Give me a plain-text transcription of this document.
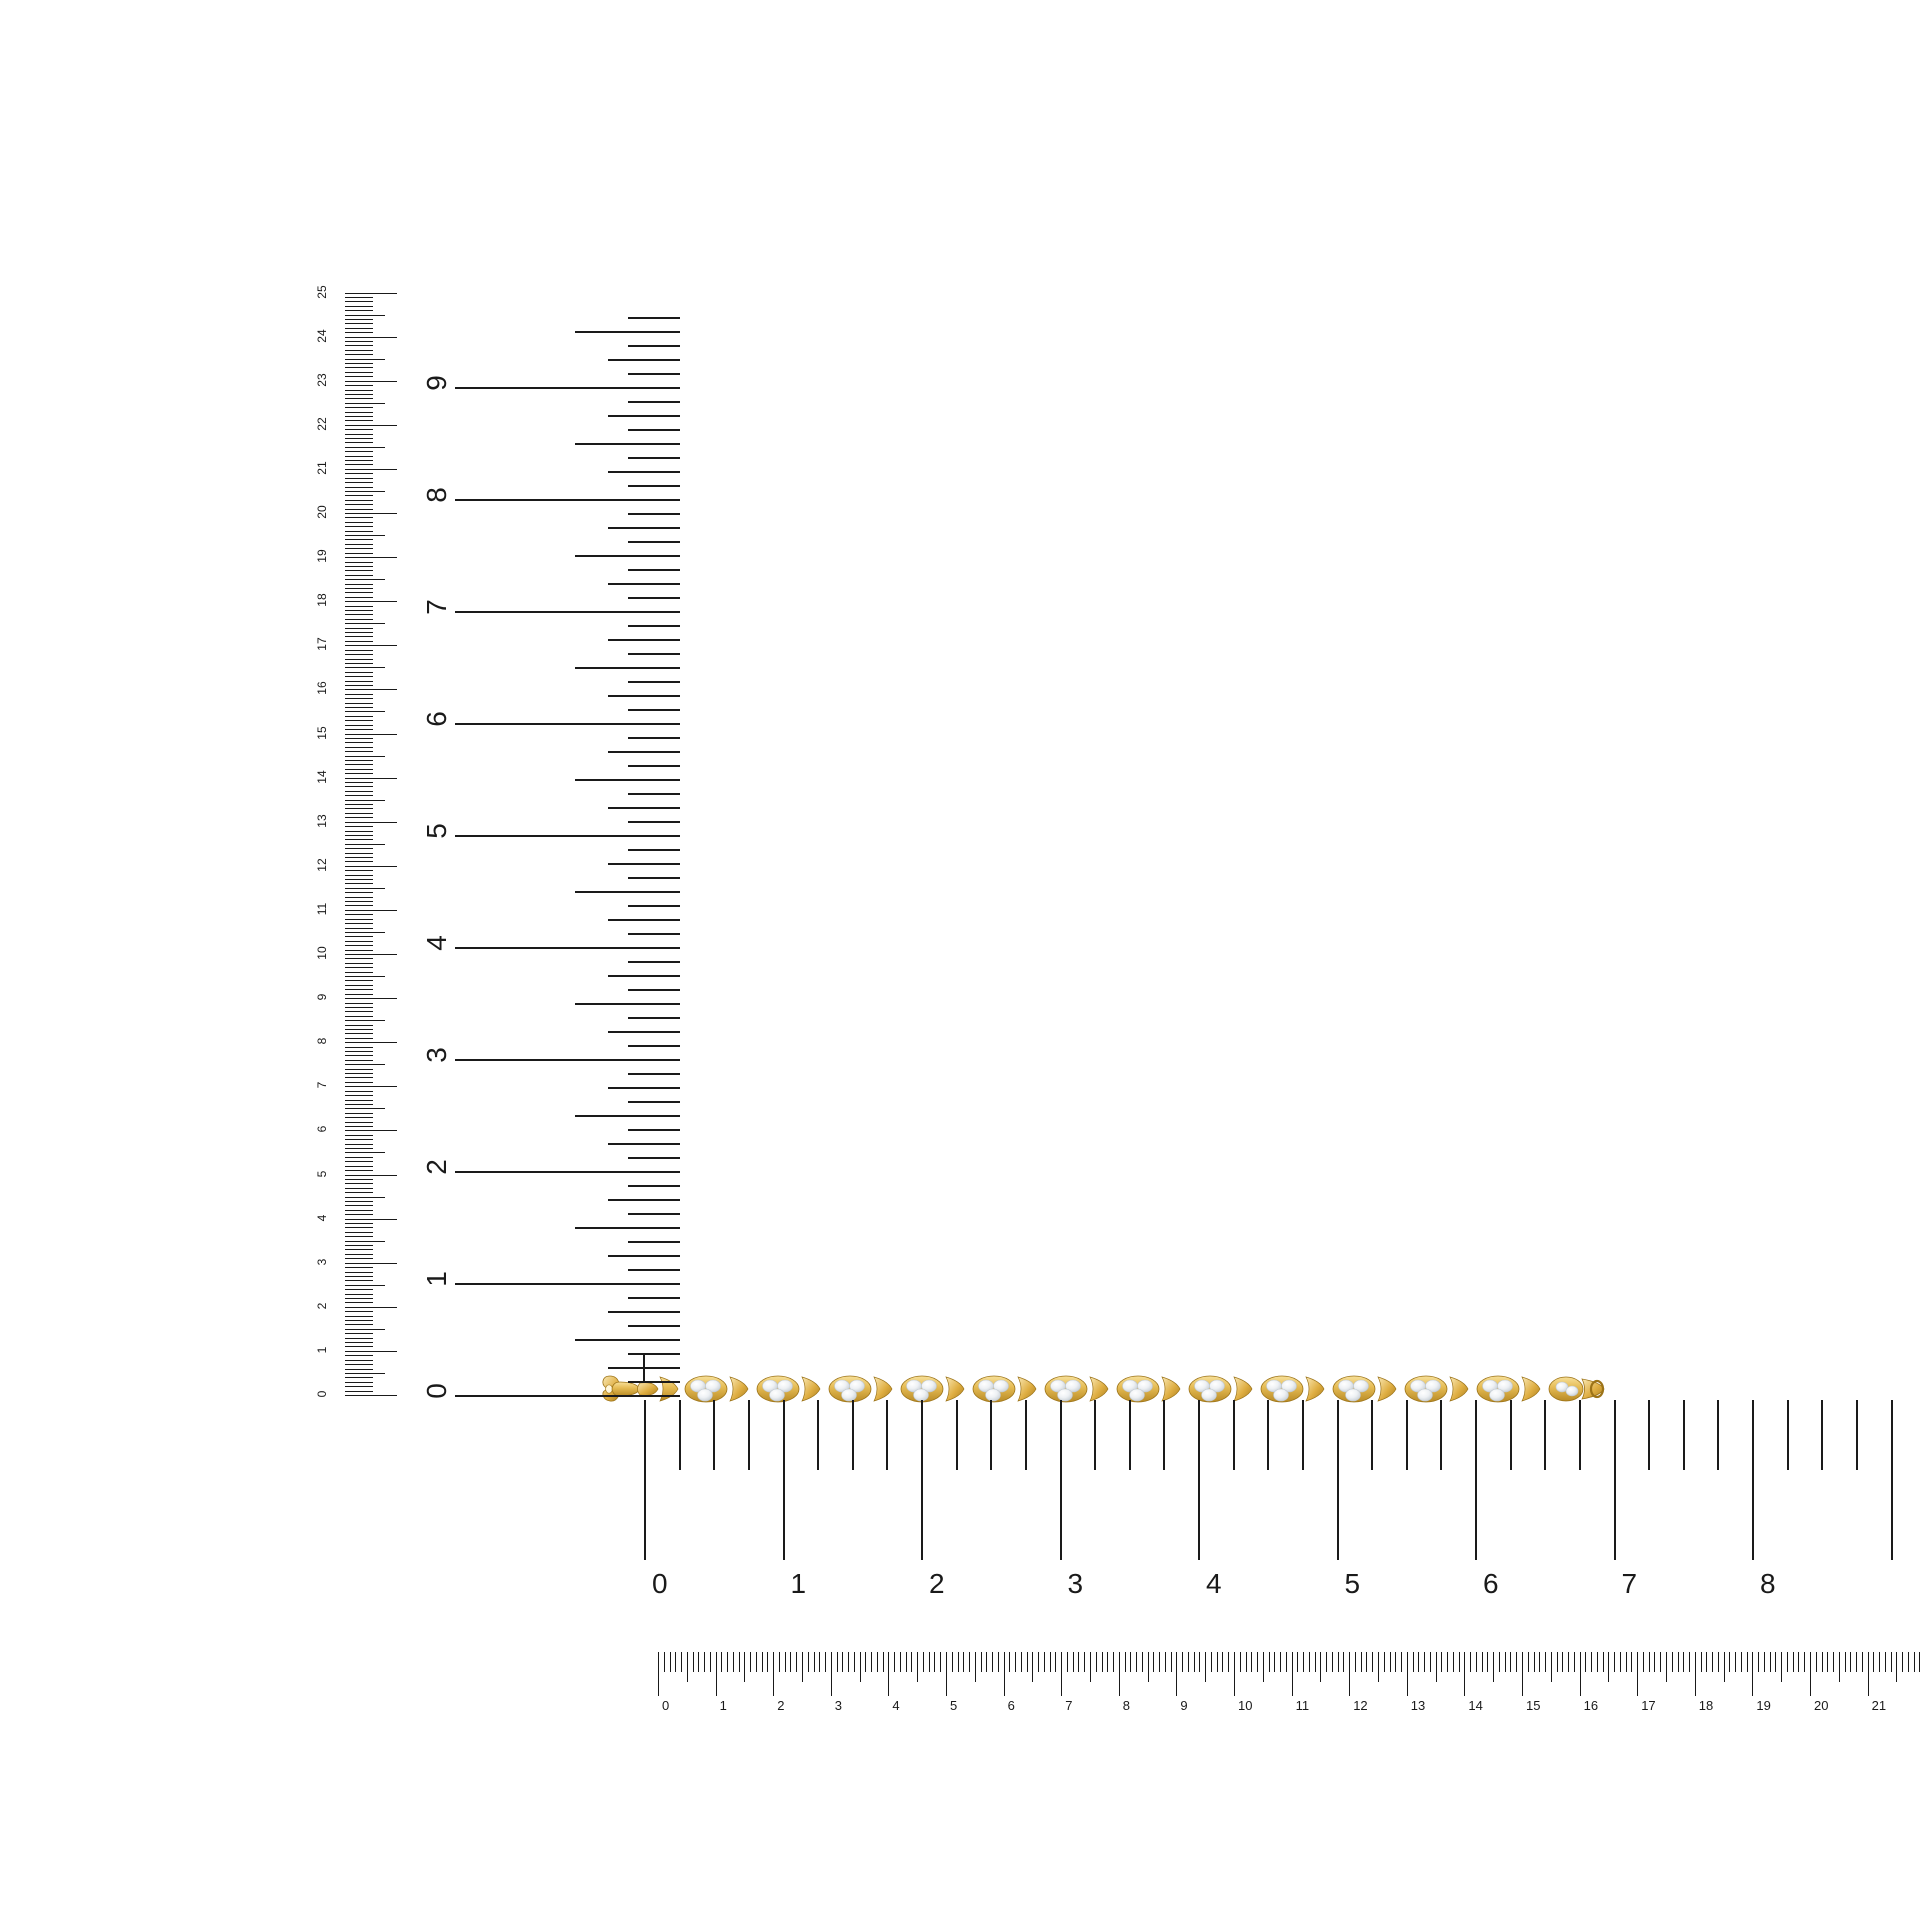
0
1
2
3
4
5
6
7
8
9
10
11
12
13
14
15
16
17
18
19
20
21
22
23
24
25
0
1
2
3
4
5
6
7
8
9
0	1	2	3	4	5	6	7	8
0	1	2	3	4	5	6	7	8	9	10	11	12	13	14	15	16	17	18	19	20	21
